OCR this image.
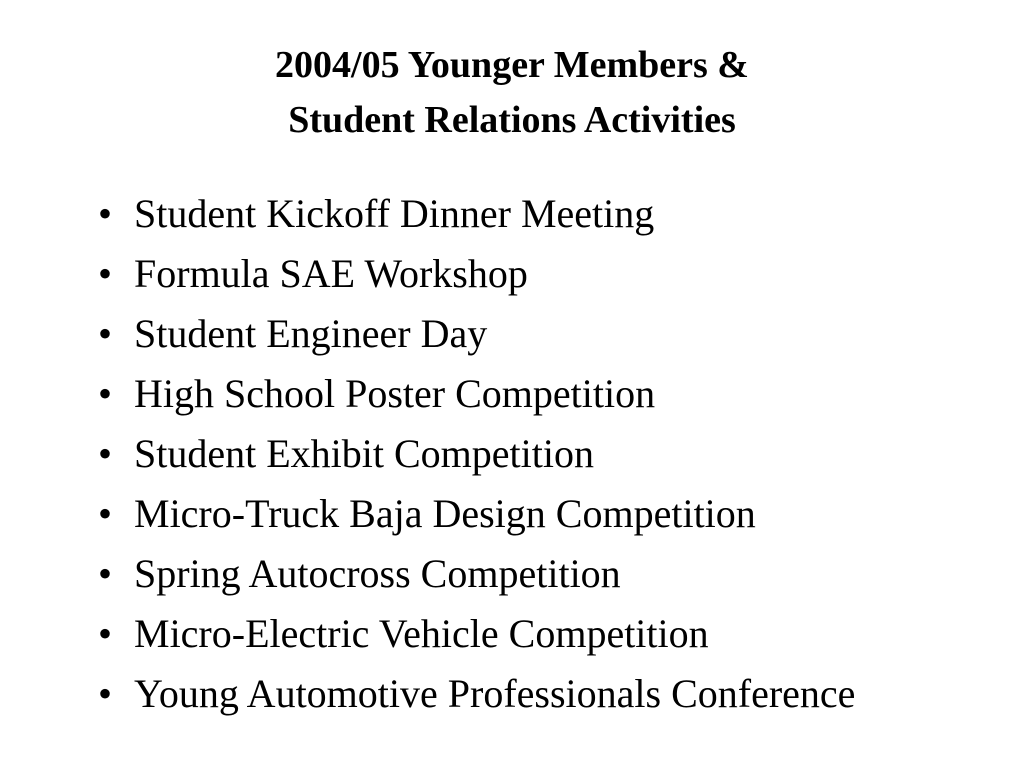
2004/05 Younger Members &
Student Relations Activities
• Student Kickoff Dinner Meeting
• Formula SAE Workshop
• Student Engineer Day
• High School Poster Competition
• Student Exhibit Competition
• Micro-Truck Baja Design Competition
• Spring Autocross Competition
• Micro-Electric Vehicle Competition
• Young Automotive Professionals Conference
